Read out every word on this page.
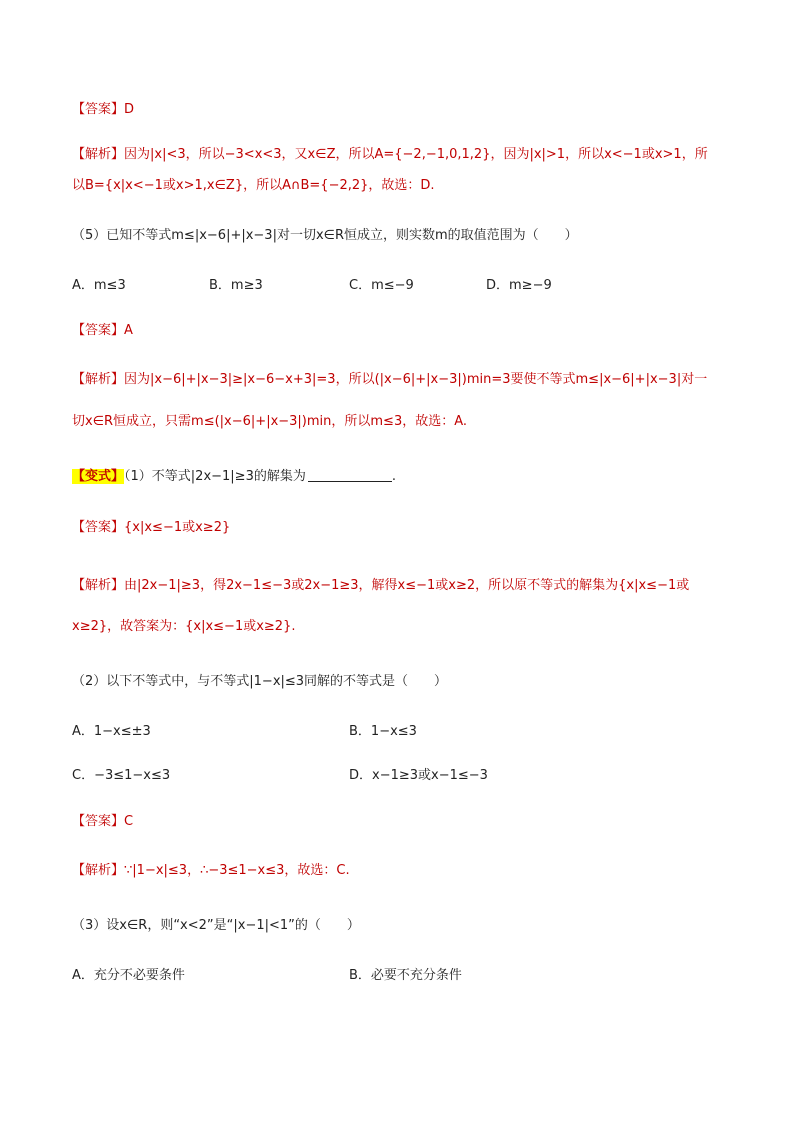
【答案】D
【解析】因为|x|<3，所以−3<x<3，又x∈Z，所以A={−2,−1,0,1,2}，因为|x|>1，所以x<−1或x>1，所
以B={x|x<−1或x>1,x∈Z}，所以A∩B={−2,2}，故选：D.
（5）已知不等式m≤|x−6|+|x−3|对一切x∈R恒成立，则实数m的取值范围为（　　）
A．m≤3	B．m≥3	C．m≤−9	D．m≥−9
【答案】A
【解析】因为|x−6|+|x−3|≥|x−6−x+3|=3，所以(|x−6|+|x−3|)min=3要使不等式m≤|x−6|+|x−3|对一
切x∈R恒成立，只需m≤(|x−6|+|x−3|)min，所以m≤3，故选：A.
【变式】（1）不等式|2x−1|≥3的解集为	.
【答案】{x|x≤−1或x≥2}
【解析】由|2x−1|≥3，得2x−1≤−3或2x−1≥3，解得x≤−1或x≥2，所以原不等式的解集为{x|x≤−1或
x≥2}，故答案为：{x|x≤−1或x≥2}.
（2）以下不等式中，与不等式|1−x|≤3同解的不等式是（　　）
A．1−x≤±3	B．1−x≤3
C．−3≤1−x≤3	D．x−1≥3或x−1≤−3
【答案】C
【解析】∵|1−x|≤3，∴−3≤1−x≤3，故选：C.
（3）设x∈R，则“x<2”是“|x−1|<1”的（　　）
A．充分不必要条件	B．必要不充分条件
